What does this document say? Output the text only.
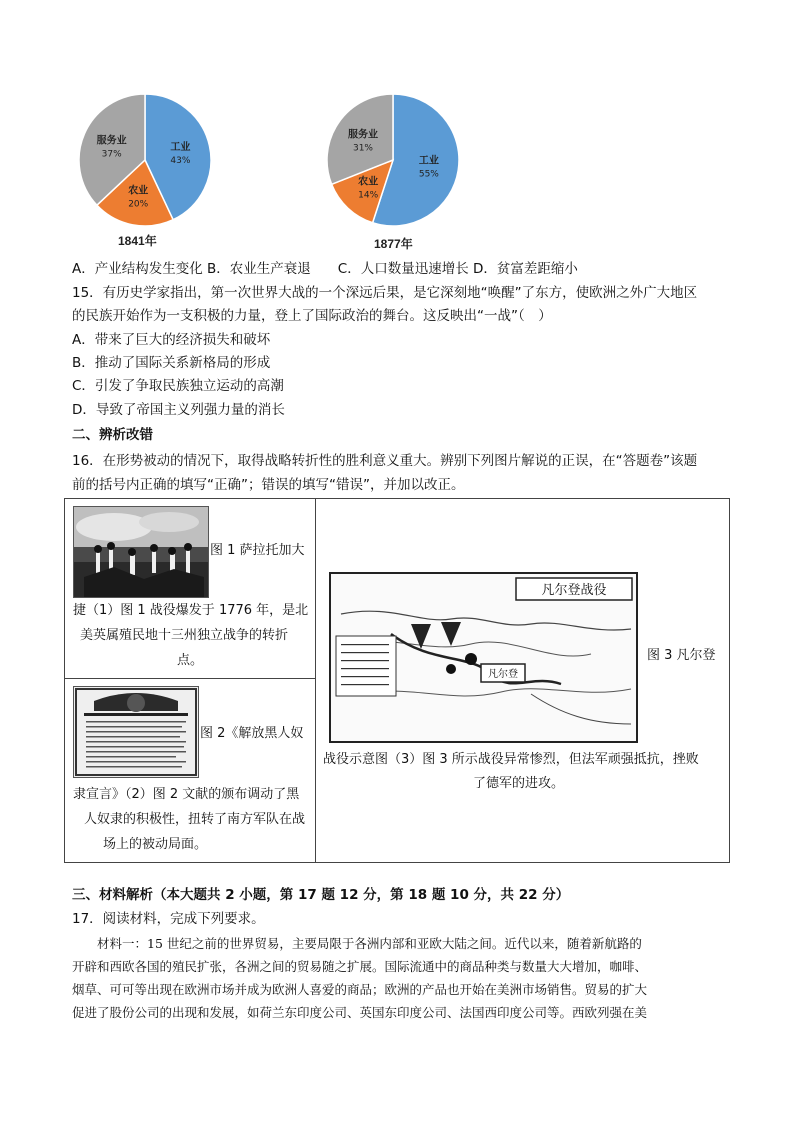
工业
43%
农业
20%
服务业
37%
1841年
工业
55%
农业
14%
服务业
31%
1877年
A．产业结构发生变化 B．农业生产衰退　　C．人口数量迅速增长 D．贫富差距缩小
15．有历史学家指出，第一次世界大战的一个深远后果，是它深刻地“唤醒”了东方，使欧洲之外广大地区
的民族开始作为一支积极的力量，登上了国际政治的舞台。这反映出“一战”（　）
A．带来了巨大的经济损失和破坏
B．推动了国际关系新格局的形成
C．引发了争取民族独立运动的高潮
D．导致了帝国主义列强力量的消长
二、辨析改错
16．在形势被动的情况下，取得战略转折性的胜利意义重大。辨别下列图片解说的正误，在“答题卷”该题
前的括号内正确的填写“正确”；错误的填写“错误”，并加以改正。
图 1 萨拉托加大
捷（1）图 1 战役爆发于 1776 年，是北
美英属殖民地十三州独立战争的转折
点。
图 2《解放黑人奴
隶宣言》（2）图 2 文献的颁布调动了黑
人奴隶的积极性，扭转了南方军队在战
场上的被动局面。
凡尔登战役
凡尔登
图 3 凡尔登
战役示意图（3）图 3 所示战役异常惨烈，但法军顽强抵抗，挫败
了德军的进攻。
三、材料解析（本大题共 2 小题，第 17 题 12 分，第 18 题 10 分，共 22 分）
17．阅读材料，完成下列要求。
　　材料一：15 世纪之前的世界贸易，主要局限于各洲内部和亚欧大陆之间。近代以来，随着新航路的
开辟和西欧各国的殖民扩张，各洲之间的贸易随之扩展。国际流通中的商品种类与数量大大增加，咖啡、
烟草、可可等出现在欧洲市场并成为欧洲人喜爱的商品；欧洲的产品也开始在美洲市场销售。贸易的扩大
促进了股份公司的出现和发展，如荷兰东印度公司、英国东印度公司、法国西印度公司等。西欧列强在美
